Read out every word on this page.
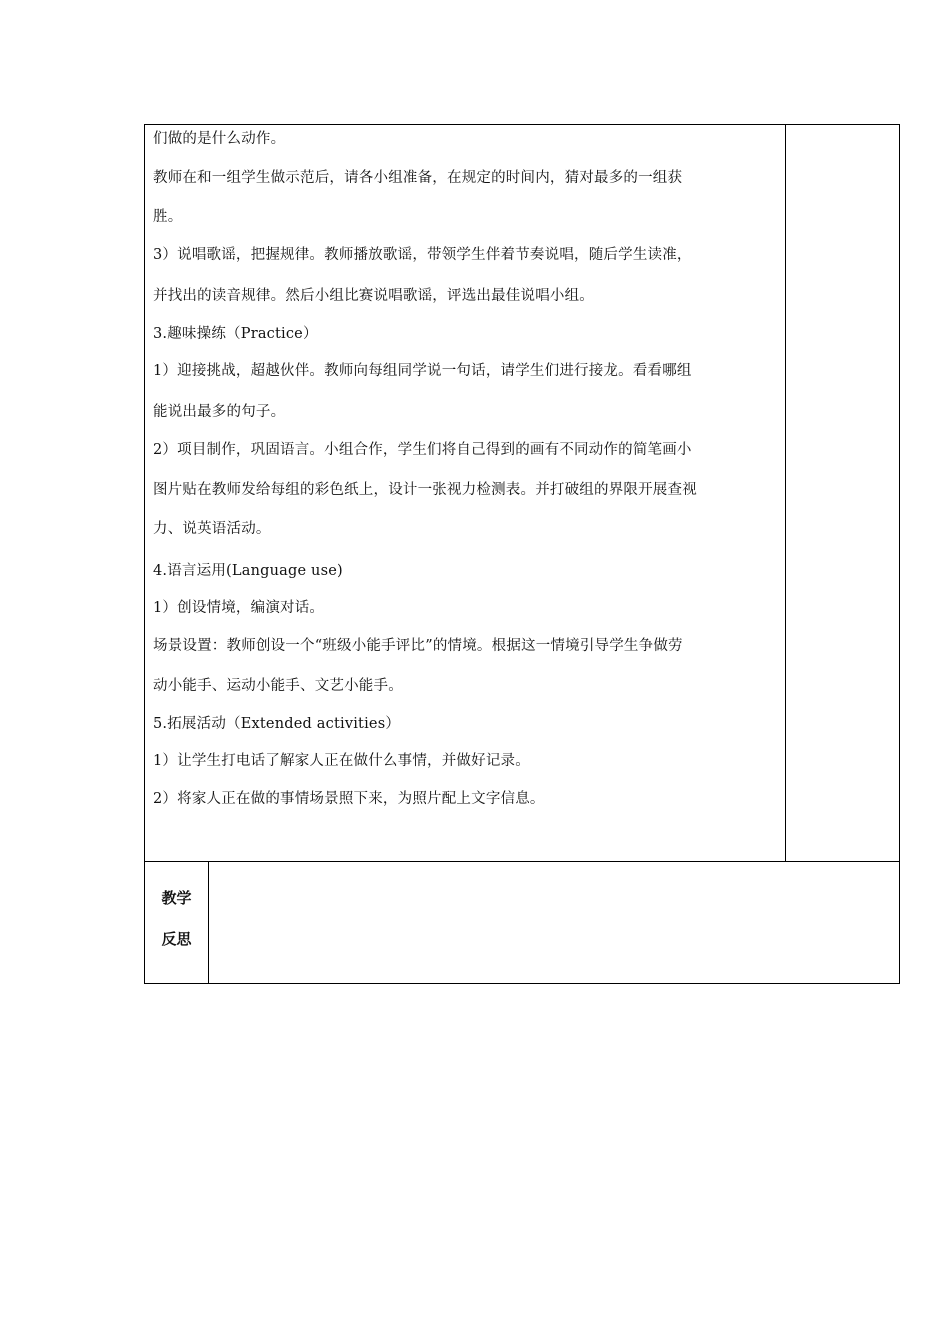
们做的是什么动作。
教师在和一组学生做示范后，请各小组准备，在规定的时间内，猜对最多的一组获
胜。
3）说唱歌谣，把握规律。教师播放歌谣，带领学生伴着节奏说唱，随后学生读准，
并找出的读音规律。然后小组比赛说唱歌谣，评选出最佳说唱小组。
3.趣味操练（Practice）
1）迎接挑战，超越伙伴。教师向每组同学说一句话，请学生们进行接龙。看看哪组
能说出最多的句子。
2）项目制作，巩固语言。小组合作，学生们将自己得到的画有不同动作的简笔画小
图片贴在教师发给每组的彩色纸上，设计一张视力检测表。并打破组的界限开展查视
力、说英语活动。
4.语言运用(Language use)
1）创设情境，编演对话。
场景设置：教师创设一个“班级小能手评比”的情境。根据这一情境引导学生争做劳
动小能手、运动小能手、文艺小能手。
5.拓展活动（Extended activities）
1）让学生打电话了解家人正在做什么事情，并做好记录。
2）将家人正在做的事情场景照下来，为照片配上文字信息。
教学
反思
